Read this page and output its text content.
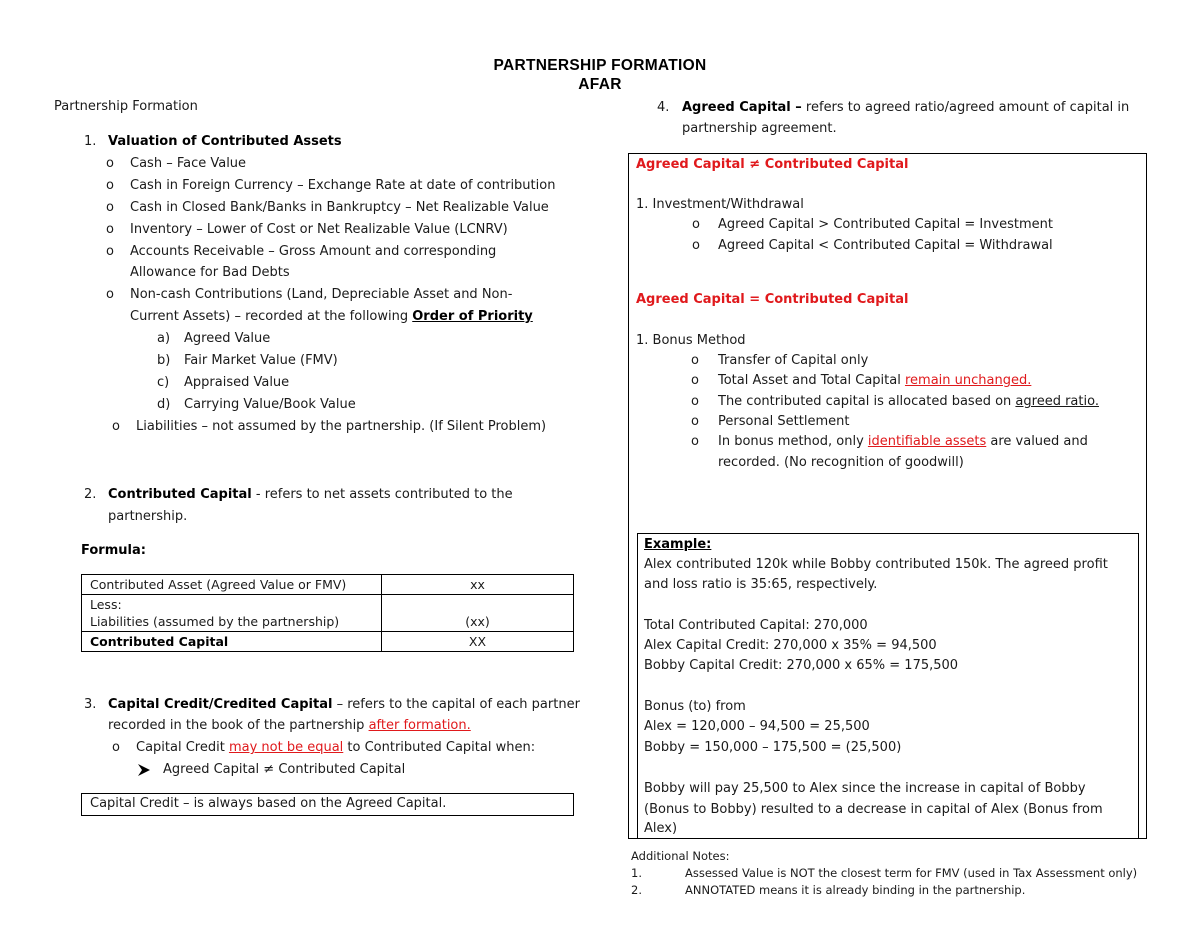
PARTNERSHIP FORMATION
AFAR
Partnership Formation
1. Valuation of Contributed Assets
o Cash – Face Value
o Cash in Foreign Currency – Exchange Rate at date of contribution
o Cash in Closed Bank/Banks in Bankruptcy – Net Realizable Value
o Inventory – Lower of Cost or Net Realizable Value (LCNRV)
o Accounts Receivable – Gross Amount and corresponding
Allowance for Bad Debts
o Non-cash Contributions (Land, Depreciable Asset and Non-
Current Assets) – recorded at the following Order of Priority
a) Agreed Value
b) Fair Market Value (FMV)
c) Appraised Value
d) Carrying Value/Book Value
o Liabilities – not assumed by the partnership. (If Silent Problem)
2. Contributed Capital - refers to net assets contributed to the
partnership.
Formula:
Contributed Asset (Agreed Value or FMV)	xx

Less:
Liabilities (assumed by the partnership)	(xx)
Contributed Capital	XX
3. Capital Credit/Credited Capital – refers to the capital of each partner
recorded in the book of the partnership after formation.
o Capital Credit may not be equal to Contributed Capital when:
Agreed Capital ≠ Contributed Capital
Capital Credit – is always based on the Agreed Capital.
4. Agreed Capital – refers to agreed ratio/agreed amount of capital in
partnership agreement.
Agreed Capital ≠ Contributed Capital
1. Investment/Withdrawal
o Agreed Capital > Contributed Capital = Investment
o Agreed Capital < Contributed Capital = Withdrawal
Agreed Capital = Contributed Capital
1. Bonus Method
o Transfer of Capital only
o Total Asset and Total Capital remain unchanged.
o The contributed capital is allocated based on agreed ratio.
o Personal Settlement
o In bonus method, only identifiable assets are valued and
recorded. (No recognition of goodwill)
Example:
Alex contributed 120k while Bobby contributed 150k. The agreed profit
and loss ratio is 35:65, respectively.
Total Contributed Capital: 270,000
Alex Capital Credit: 270,000 x 35% = 94,500
Bobby Capital Credit: 270,000 x 65% = 175,500
Bonus (to) from
Alex = 120,000 – 94,500 = 25,500
Bobby = 150,000 – 175,500 = (25,500)
Bobby will pay 25,500 to Alex since the increase in capital of Bobby
(Bonus to Bobby) resulted to a decrease in capital of Alex (Bonus from
Alex)
Additional Notes:
1.	Assessed Value is NOT the closest term for FMV (used in Tax Assessment only)
2.	ANNOTATED means it is already binding in the partnership.
